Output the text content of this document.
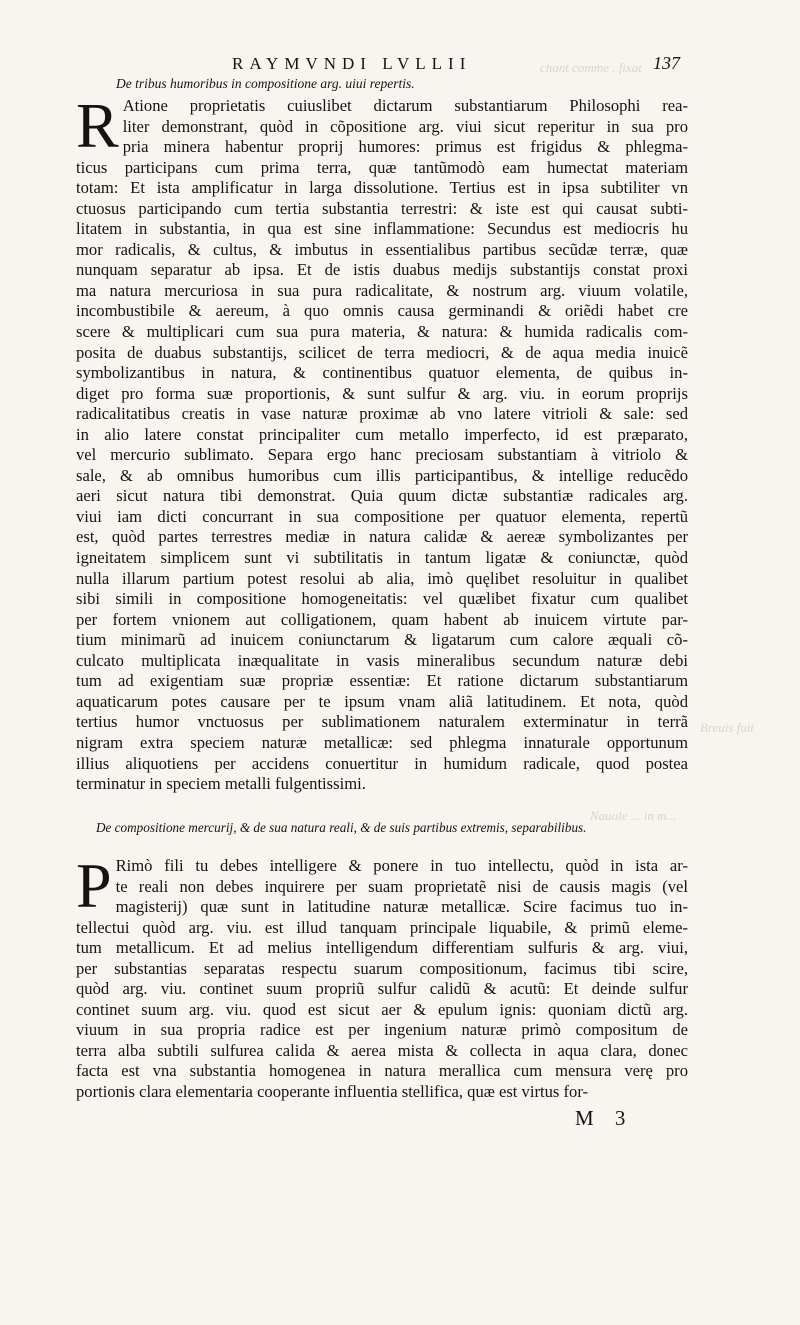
chant comme . fixat
Breuis fuit
Nauole ... in m...
RAYMVNDI LVLLII	137
De tribus humoribus in compositione arg. uiui repertis.
R Atione proprietatis cuiuslibet dictarum substantiarum Philosophi rea-
liter demonstrant, quòd in cõpositione arg. viui sicut reperitur in sua pro
pria minera habentur proprij humores: primus est frigidus & phlegma-
ticus participans cum prima terra, quæ tantũmodò eam humectat materiam
totam: Et ista amplificatur in larga dissolutione. Tertius est in ipsa subtiliter vn
ctuosus participando cum tertia substantia terrestri: & iste est qui causat subti-
litatem in substantia, in qua est sine inflammatione: Secundus est mediocris hu
mor radicalis, & cultus, & imbutus in essentialibus partibus secũdæ terræ, quæ
nunquam separatur ab ipsa. Et de istis duabus medijs substantijs constat proxi
ma natura mercuriosa in sua pura radicalitate, & nostrum arg. viuum volatile,
incombustibile & aereum, à quo omnis causa germinandi & oriẽdi habet cre
scere & multiplicari cum sua pura materia, & natura: & humida radicalis com-
posita de duabus substantijs, scilicet de terra mediocri, & de aqua media inuicẽ
symbolizantibus in natura, & continentibus quatuor elementa, de quibus in-
diget pro forma suæ proportionis, & sunt sulfur & arg. viu. in eorum proprijs
radicalitatibus creatis in vase naturæ proximæ ab vno latere vitrioli & sale: sed
in alio latere constat principaliter cum metallo imperfecto, id est præparato,
vel mercurio sublimato. Separa ergo hanc preciosam substantiam à vitriolo &
sale, & ab omnibus humoribus cum illis participantibus, & intellige reducẽdo
aeri sicut natura tibi demonstrat. Quia quum dictæ substantiæ radicales arg.
viui iam dicti concurrant in sua compositione per quatuor elementa, repertũ
est, quòd partes terrestres mediæ in natura calidæ & aereæ symbolizantes per
igneitatem simplicem sunt vi subtilitatis in tantum ligatæ & coniunctæ, quòd
nulla illarum partium potest resolui ab alia, imò quęlibet resoluitur in qualibet
sibi simili in compositione homogeneitatis: vel quælibet fixatur cum qualibet
per fortem vnionem aut colligationem, quam habent ab inuicem virtute par-
tium minimarũ ad inuicem coniunctarum & ligatarum cum calore æquali cõ-
culcato multiplicata inæqualitate in vasis mineralibus secundum naturæ debi
tum ad exigentiam suæ propriæ essentiæ: Et ratione dictarum substantiarum
aquaticarum potes causare per te ipsum vnam aliã latitudinem. Et nota, quòd
tertius humor vnctuosus per sublimationem naturalem exterminatur in terrã
nigram extra speciem naturæ metallicæ: sed phlegma innaturale opportunum
illius aliquotiens per accidens conuertitur in humidum radicale, quod postea
terminatur in speciem metalli fulgentissimi.
De compositione mercurij, & de sua natura reali, & de suis partibus extremis, separabilibus.
P Rimò fili tu debes intelligere & ponere in tuo intellectu, quòd in ista ar-
te reali non debes inquirere per suam proprietatẽ nisi de causis magis (vel
magisterij) quæ sunt in latitudine naturæ metallicæ. Scire facimus tuo in-
tellectui quòd arg. viu. est illud tanquam principale liquabile, & primũ eleme-
tum metallicum. Et ad melius intelligendum differentiam sulfuris & arg. viui,
per substantias separatas respectu suarum compositionum, facimus tibi scire,
quòd arg. viu. continet suum propriũ sulfur calidũ & acutũ: Et deinde sulfur
continet suum arg. viu. quod est sicut aer & epulum ignis: quoniam dictũ arg.
viuum in sua propria radice est per ingenium naturæ primò compositum de
terra alba subtili sulfurea calida & aerea mista & collecta in aqua clara, donec
facta est vna substantia homogenea in natura merallica cum mensura verę pro
portionis clara elementaria cooperante influentia stellifica, quæ est virtus for-
M 3
